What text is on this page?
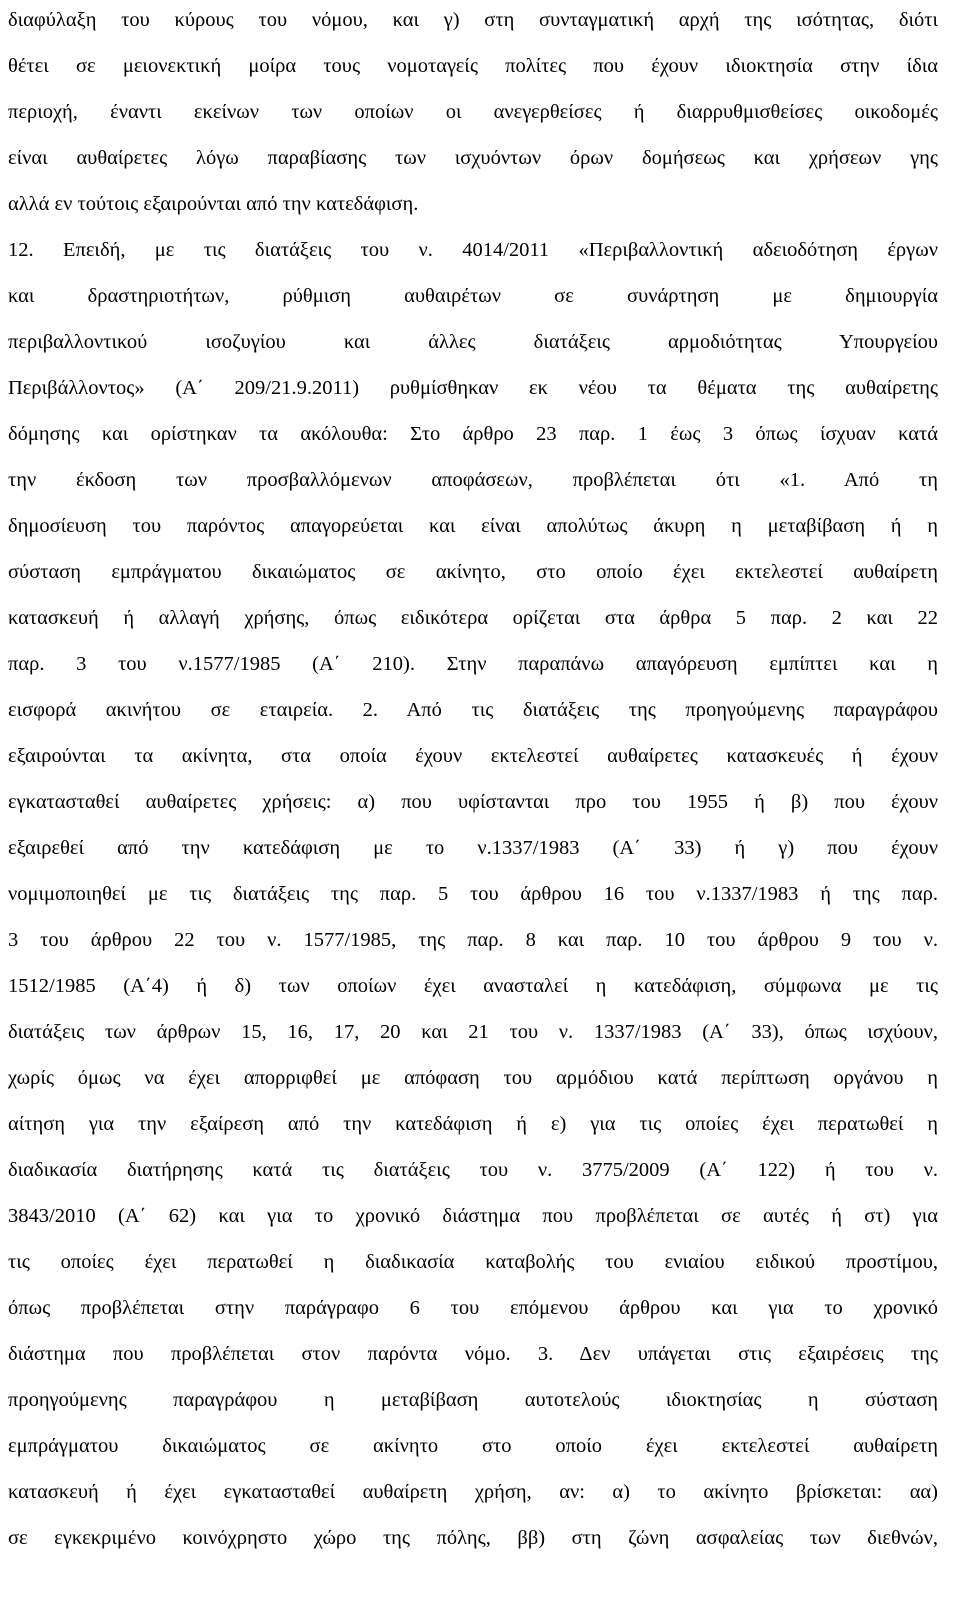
διαφύλαξη του κύρους του νόμου, και γ) στη συνταγματική αρχή της ισότητας, διότι
θέτει σε μειονεκτική μοίρα τους νομοταγείς πολίτες που έχουν ιδιοκτησία στην ίδια
περιοχή, έναντι εκείνων των οποίων οι ανεγερθείσες ή διαρρυθμισθείσες οικοδομές
είναι αυθαίρετες λόγω παραβίασης των ισχυόντων όρων δομήσεως και χρήσεων γης
αλλά εν τούτοις εξαιρούνται από την κατεδάφιση.
12. Επειδή, με τις διατάξεις του ν. 4014/2011 «Περιβαλλοντική αδειοδότηση έργων
και δραστηριοτήτων, ρύθμιση αυθαιρέτων σε συνάρτηση με δημιουργία
περιβαλλοντικού ισοζυγίου και άλλες διατάξεις αρμοδιότητας Υπουργείου
Περιβάλλοντος» (Α΄ 209/21.9.2011) ρυθμίσθηκαν εκ νέου τα θέματα της αυθαίρετης
δόμησης και ορίστηκαν τα ακόλουθα: Στο άρθρο 23 παρ. 1 έως 3 όπως ίσχυαν κατά
την έκδοση των προσβαλλόμενων αποφάσεων, προβλέπεται ότι «1. Από τη
δημοσίευση του παρόντος απαγορεύεται και είναι απολύτως άκυρη η μεταβίβαση ή η
σύσταση εμπράγματου δικαιώματος σε ακίνητο, στο οποίο έχει εκτελεστεί αυθαίρετη
κατασκευή ή αλλαγή χρήσης, όπως ειδικότερα ορίζεται στα άρθρα 5 παρ. 2 και 22
παρ. 3 του ν.1577/1985 (Α΄ 210). Στην παραπάνω απαγόρευση εμπίπτει και η
εισφορά ακινήτου σε εταιρεία. 2. Από τις διατάξεις της προηγούμενης παραγράφου
εξαιρούνται τα ακίνητα, στα οποία έχουν εκτελεστεί αυθαίρετες κατασκευές ή έχουν
εγκατασταθεί αυθαίρετες χρήσεις: α) που υφίστανται προ του 1955 ή β) που έχουν
εξαιρεθεί από την κατεδάφιση με το ν.1337/1983 (Α΄ 33) ή γ) που έχουν
νομιμοποιηθεί με τις διατάξεις της παρ. 5 του άρθρου 16 του ν.1337/1983 ή της παρ.
3 του άρθρου 22 του ν. 1577/1985, της παρ. 8 και παρ. 10 του άρθρου 9 του ν.
1512/1985 (Α΄4) ή δ) των οποίων έχει ανασταλεί η κατεδάφιση, σύμφωνα με τις
διατάξεις των άρθρων 15, 16, 17, 20 και 21 του ν. 1337/1983 (Α΄ 33), όπως ισχύουν,
χωρίς όμως να έχει απορριφθεί με απόφαση του αρμόδιου κατά περίπτωση οργάνου η
αίτηση για την εξαίρεση από την κατεδάφιση ή ε) για τις οποίες έχει περατωθεί η
διαδικασία διατήρησης κατά τις διατάξεις του ν. 3775/2009 (Α΄ 122) ή του ν.
3843/2010 (Α΄ 62) και για το χρονικό διάστημα που προβλέπεται σε αυτές ή στ) για
τις οποίες έχει περατωθεί η διαδικασία καταβολής του ενιαίου ειδικού προστίμου,
όπως προβλέπεται στην παράγραφο 6 του επόμενου άρθρου και για το χρονικό
διάστημα που προβλέπεται στον παρόντα νόμο. 3. Δεν υπάγεται στις εξαιρέσεις της
προηγούμενης παραγράφου η μεταβίβαση αυτοτελούς ιδιοκτησίας η σύσταση
εμπράγματου δικαιώματος σε ακίνητο στο οποίο έχει εκτελεστεί αυθαίρετη
κατασκευή ή έχει εγκατασταθεί αυθαίρετη χρήση, αν: α) το ακίνητο βρίσκεται: αα)
σε εγκεκριμένο κοινόχρηστο χώρο της πόλης, ββ) στη ζώνη ασφαλείας των διεθνών,
